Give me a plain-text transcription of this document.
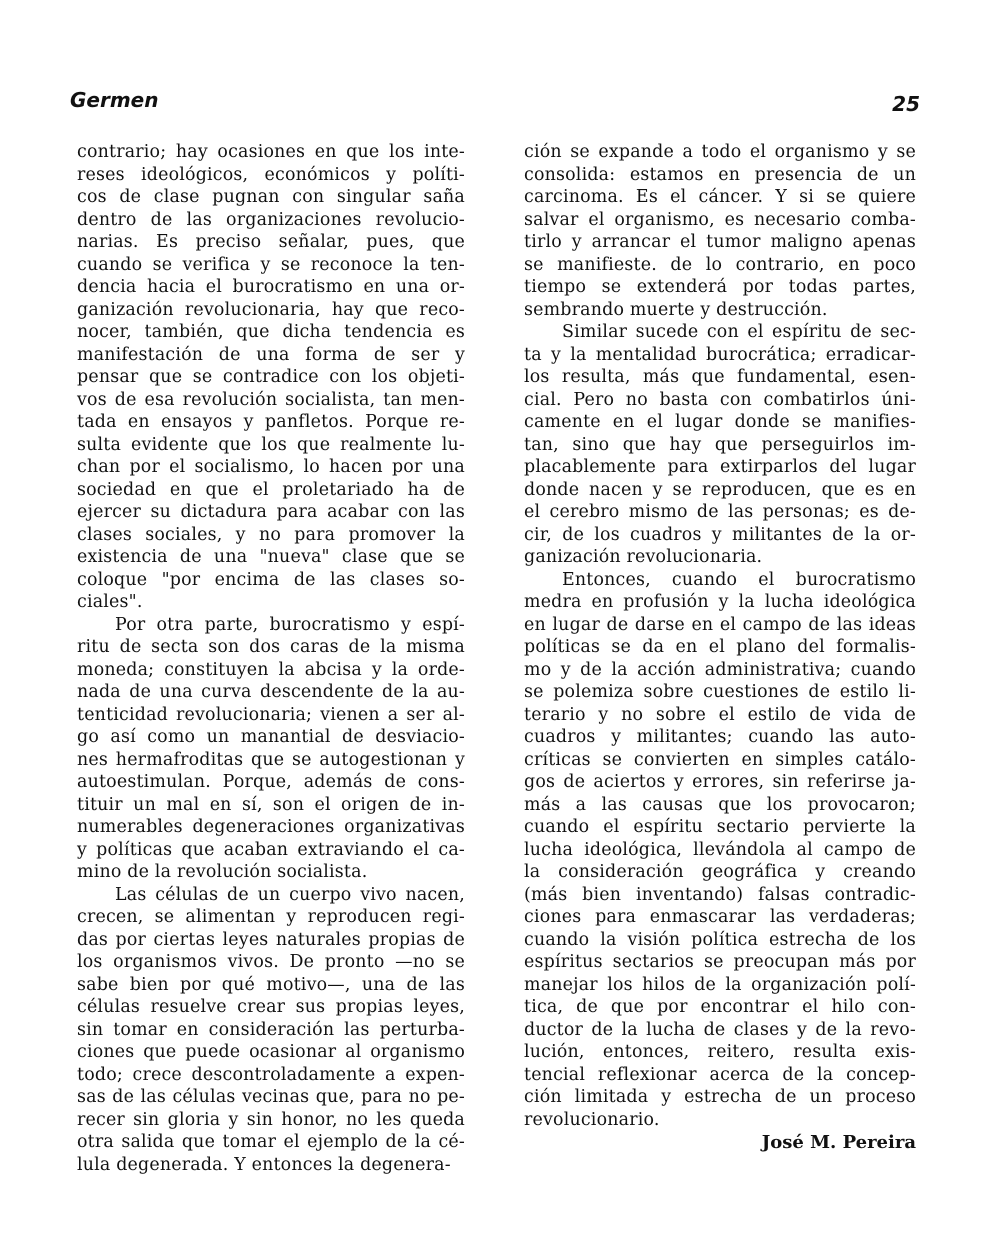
Germen	25
contrario; hay ocasiones en que los inte-
reses ideológicos, económicos y políti-
cos de clase pugnan con singular saña
dentro de las organizaciones revolucio-
narias. Es preciso señalar, pues, que
cuando se verifica y se reconoce la ten-
dencia hacia el burocratismo en una or-
ganización revolucionaria, hay que reco-
nocer, también, que dicha tendencia es
manifestación de una forma de ser y
pensar que se contradice con los objeti-
vos de esa revolución socialista, tan men-
tada en ensayos y panfletos. Porque re-
sulta evidente que los que realmente lu-
chan por el socialismo, lo hacen por una
sociedad en que el proletariado ha de
ejercer su dictadura para acabar con las
clases sociales, y no para promover la
existencia de una "nueva" clase que se
coloque "por encima de las clases so-
ciales".
Por otra parte, burocratismo y espí-
ritu de secta son dos caras de la misma
moneda; constituyen la abcisa y la orde-
nada de una curva descendente de la au-
tenticidad revolucionaria; vienen a ser al-
go así como un manantial de desviacio-
nes hermafroditas que se autogestionan y
autoestimulan. Porque, además de cons-
tituir un mal en sí, son el origen de in-
numerables degeneraciones organizativas
y políticas que acaban extraviando el ca-
mino de la revolución socialista.
Las células de un cuerpo vivo nacen,
crecen, se alimentan y reproducen regi-
das por ciertas leyes naturales propias de
los organismos vivos. De pronto —no se
sabe bien por qué motivo—, una de las
células resuelve crear sus propias leyes,
sin tomar en consideración las perturba-
ciones que puede ocasionar al organismo
todo; crece descontroladamente a expen-
sas de las células vecinas que, para no pe-
recer sin gloria y sin honor, no les queda
otra salida que tomar el ejemplo de la cé-
lula degenerada. Y entonces la degenera-
ción se expande a todo el organismo y se
consolida: estamos en presencia de un
carcinoma. Es el cáncer. Y si se quiere
salvar el organismo, es necesario comba-
tirlo y arrancar el tumor maligno apenas
se manifieste. de lo contrario, en poco
tiempo se extenderá por todas partes,
sembrando muerte y destrucción.
Similar sucede con el espíritu de sec-
ta y la mentalidad burocrática; erradicar-
los resulta, más que fundamental, esen-
cial. Pero no basta con combatirlos úni-
camente en el lugar donde se manifies-
tan, sino que hay que perseguirlos im-
placablemente para extirparlos del lugar
donde nacen y se reproducen, que es en
el cerebro mismo de las personas; es de-
cir, de los cuadros y militantes de la or-
ganización revolucionaria.
Entonces, cuando el burocratismo
medra en profusión y la lucha ideológica
en lugar de darse en el campo de las ideas
políticas se da en el plano del formalis-
mo y de la acción administrativa; cuando
se polemiza sobre cuestiones de estilo li-
terario y no sobre el estilo de vida de
cuadros y militantes; cuando las auto-
críticas se convierten en simples catálo-
gos de aciertos y errores, sin referirse ja-
más a las causas que los provocaron;
cuando el espíritu sectario pervierte la
lucha ideológica, llevándola al campo de
la consideración geográfica y creando
(más bien inventando) falsas contradic-
ciones para enmascarar las verdaderas;
cuando la visión política estrecha de los
espíritus sectarios se preocupan más por
manejar los hilos de la organización polí-
tica, de que por encontrar el hilo con-
ductor de la lucha de clases y de la revo-
lución, entonces, reitero, resulta exis-
tencial reflexionar acerca de la concep-
ción limitada y estrecha de un proceso
revolucionario.
José M. Pereira
